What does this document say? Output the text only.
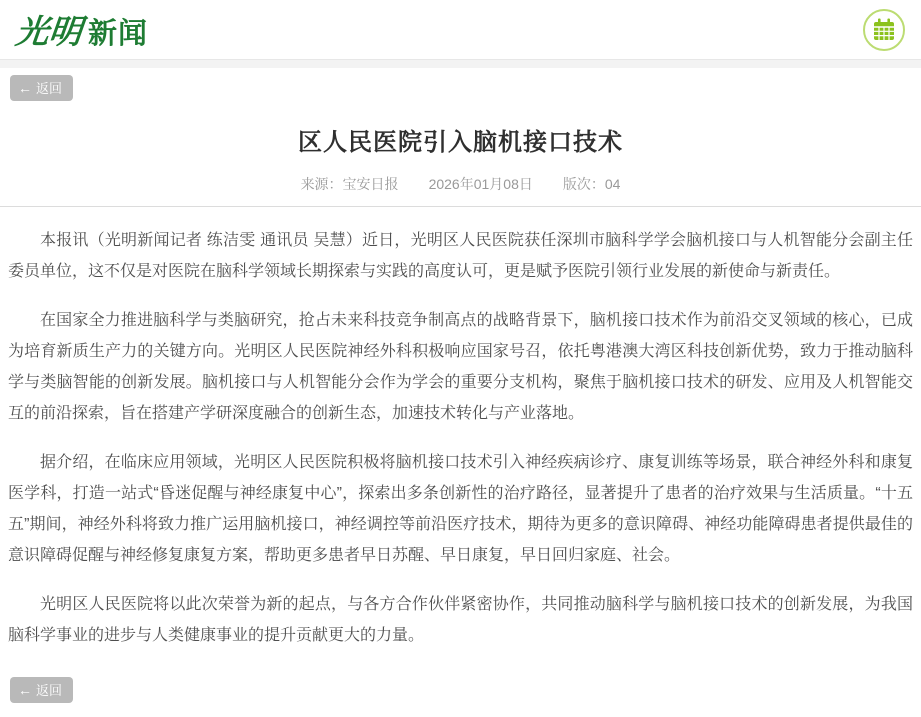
光明 新闻
← 返回
区人民医院引入脑机接口技术
来源：宝安日报 2026年01月08日 版次：04

本报讯（光明新闻记者 练洁雯 通讯员 吴慧）近日，光明区人民医院获任深圳市脑科学学会脑机接口与人机智能分会副主任委员单位，这不仅是对医院在脑科学领域长期探索与实践的高度认可，更是赋予医院引领行业发展的新使命与新责任。

在国家全力推进脑科学与类脑研究，抢占未来科技竞争制高点的战略背景下，脑机接口技术作为前沿交叉领域的核心，已成为培育新质生产力的关键方向。光明区人民医院神经外科积极响应国家号召，依托粤港澳大湾区科技创新优势，致力于推动脑科学与类脑智能的创新发展。脑机接口与人机智能分会作为学会的重要分支机构，聚焦于脑机接口技术的研发、应用及人机智能交互的前沿探索，旨在搭建产学研深度融合的创新生态，加速技术转化与产业落地。

据介绍，在临床应用领域，光明区人民医院积极将脑机接口技术引入神经疾病诊疗、康复训练等场景，联合神经外科和康复医学科，打造一站式“昏迷促醒与神经康复中心”，探索出多条创新性的治疗路径，显著提升了患者的治疗效果与生活质量。“十五五”期间，神经外科将致力推广运用脑机接口，神经调控等前沿医疗技术，期待为更多的意识障碍、神经功能障碍患者提供最佳的意识障碍促醒与神经修复康复方案，帮助更多患者早日苏醒、早日康复，早日回归家庭、社会。

光明区人民医院将以此次荣誉为新的起点，与各方合作伙伴紧密协作，共同推动脑科学与脑机接口技术的创新发展，为我国脑科学事业的进步与人类健康事业的提升贡献更大的力量。

← 返回
